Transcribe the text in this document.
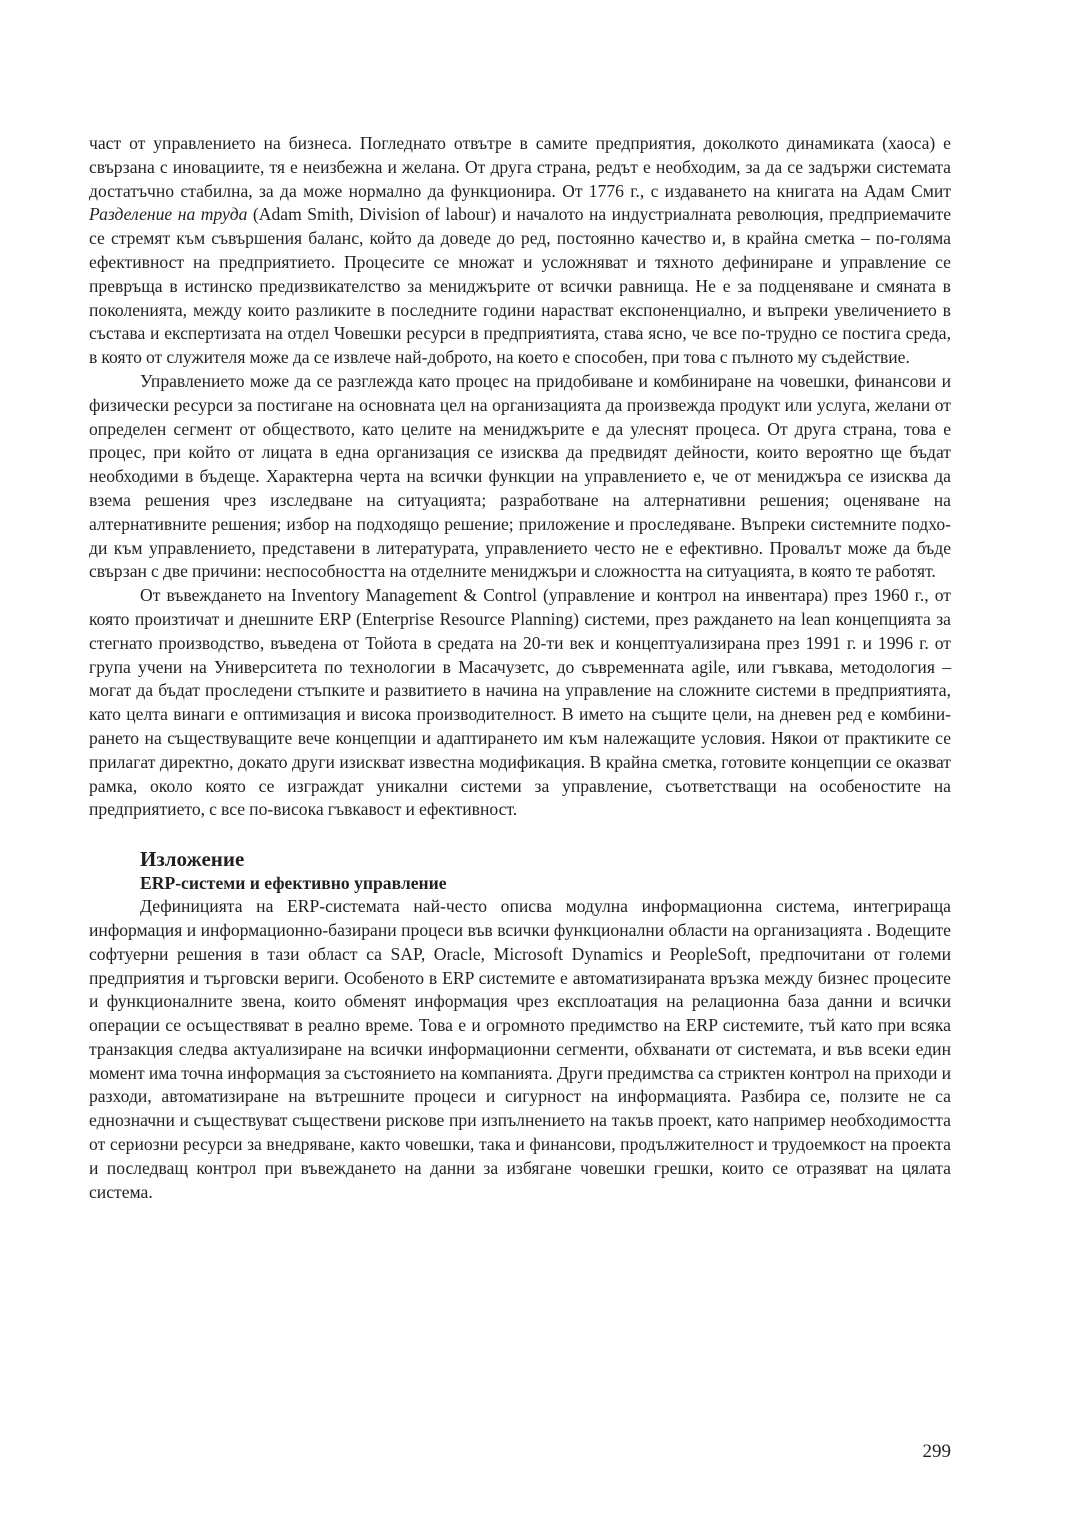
част от управлението на бизнеса. Погледнато отвътре в самите предприятия, доколкото динамиката (хаоса) е свързана с иновациите, тя е неизбежна и желана. От друга страна, редът е необходим, за да се задържи системата достатъчно стабилна, за да може нормално да функционира. От 1776 г., с издаването на книгата на Адам Смит Разделение на труда (Adam Smith, Division of labour) и началото на индустриалната революция, предприемачите се стремят към съвършения баланс, който да доведе до ред, постоянно качество и, в крайна сметка – по-голяма ефективност на предприятието. Процесите се множат и усложняват и тяхното дефиниране и управление се превръща в истинско предизвикателство за мениджърите от всички равнища. Не е за подценяване и смяната в поколенията, между които разликите в последните години нарастват експоненциално, и въпреки увеличението в състава и експертизата на отдел Човешки ресурси в предприятията, става ясно, че все по-трудно се постига среда, в която от служителя може да се извлече най-доброто, на което е способен, при това с пълното му съдействие.

Управлението може да се разглежда като процес на придобиване и комбиниране на човешки, финансови и физически ресурси за постигане на основната цел на организацията да произвежда продукт или услуга, желани от определен сегмент от обществото, като целите на мениджърите е да улеснят процеса. От друга страна, това е процес, при който от лицата в една организация се изисква да предвидят дейности, които вероятно ще бъдат необходими в бъдеще. Характерна черта на всички функции на управлението е, че от мениджъра се изисква да взема решения чрез изследване на ситуацията; разработване на алтернативни решения; оценяване на алтернативните решения; избор на подходящо решение; приложение и проследяване. Въпреки системните подходи към управлението, представени в литературата, управлението често не е ефективно. Провалът може да бъде свързан с две причини: неспособността на отделните мениджъри и сложността на ситуацията, в която те работят.

От въвеждането на Inventory Management & Control (управление и контрол на инвентара) през 1960 г., от която произтичат и днешните ERP (Enterprise Resource Planning) системи, през раждането на lean концепцията за стегнато производство, въведена от Тойота в средата на 20-ти век и концептуализирана през 1991 г. и 1996 г. от група учени на Университета по технологии в Масачузетс, до съвременната agile, или гъвкава, методология – могат да бъдат проследени стъпките и развитието в начина на управление на сложните системи в предприятията, като целта винаги е оптимизация и висока производителност. В името на същите цели, на дневен ред е комбинирането на съществуващите вече концепции и адаптирането им към належащите условия. Някои от практиките се прилагат директно, докато други изискват известна модификация. В крайна сметка, готовите концепции се оказват рамка, около която се изграждат уникални системи за управление, съответстващи на особеностите на предприятието, с все по-висока гъвкавост и ефективност.

Изложение
ERP-системи и ефективно управление

Дефиницията на ERP-системата най-често описва модулна информационна система, интегрираща информация и информационно-базирани процеси във всички функционални области на организацията . Водещите софтуерни решения в тази област са SAP, Oracle, Microsoft Dynamics и PeopleSoft, предпочитани от големи предприятия и търговски вериги. Особеното в ERP системите е автоматизираната връзка между бизнес процесите и функционалните звена, които обменят информация чрез експлоатация на релационна база данни и всички операции се осъществяват в реално време. Това е и огромното предимство на ERP системите, тъй като при всяка транзакция следва актуализиране на всички информационни сегменти, обхванати от системата, и във всеки един момент има точна информация за състоянието на компанията. Други предимства са стриктен контрол на приходи и разходи, автоматизиране на вътрешните процеси и сигурност на информацията. Разбира се, ползите не са еднозначни и съществуват съществени рискове при изпълнението на такъв проект, като например необходимостта от сериозни ресурси за внедряване, както човешки, така и финансови, продължителност и трудоемкост на проекта и последващ контрол при въвеждането на данни за избягане човешки грешки, които се отразяват на цялата система.

299
